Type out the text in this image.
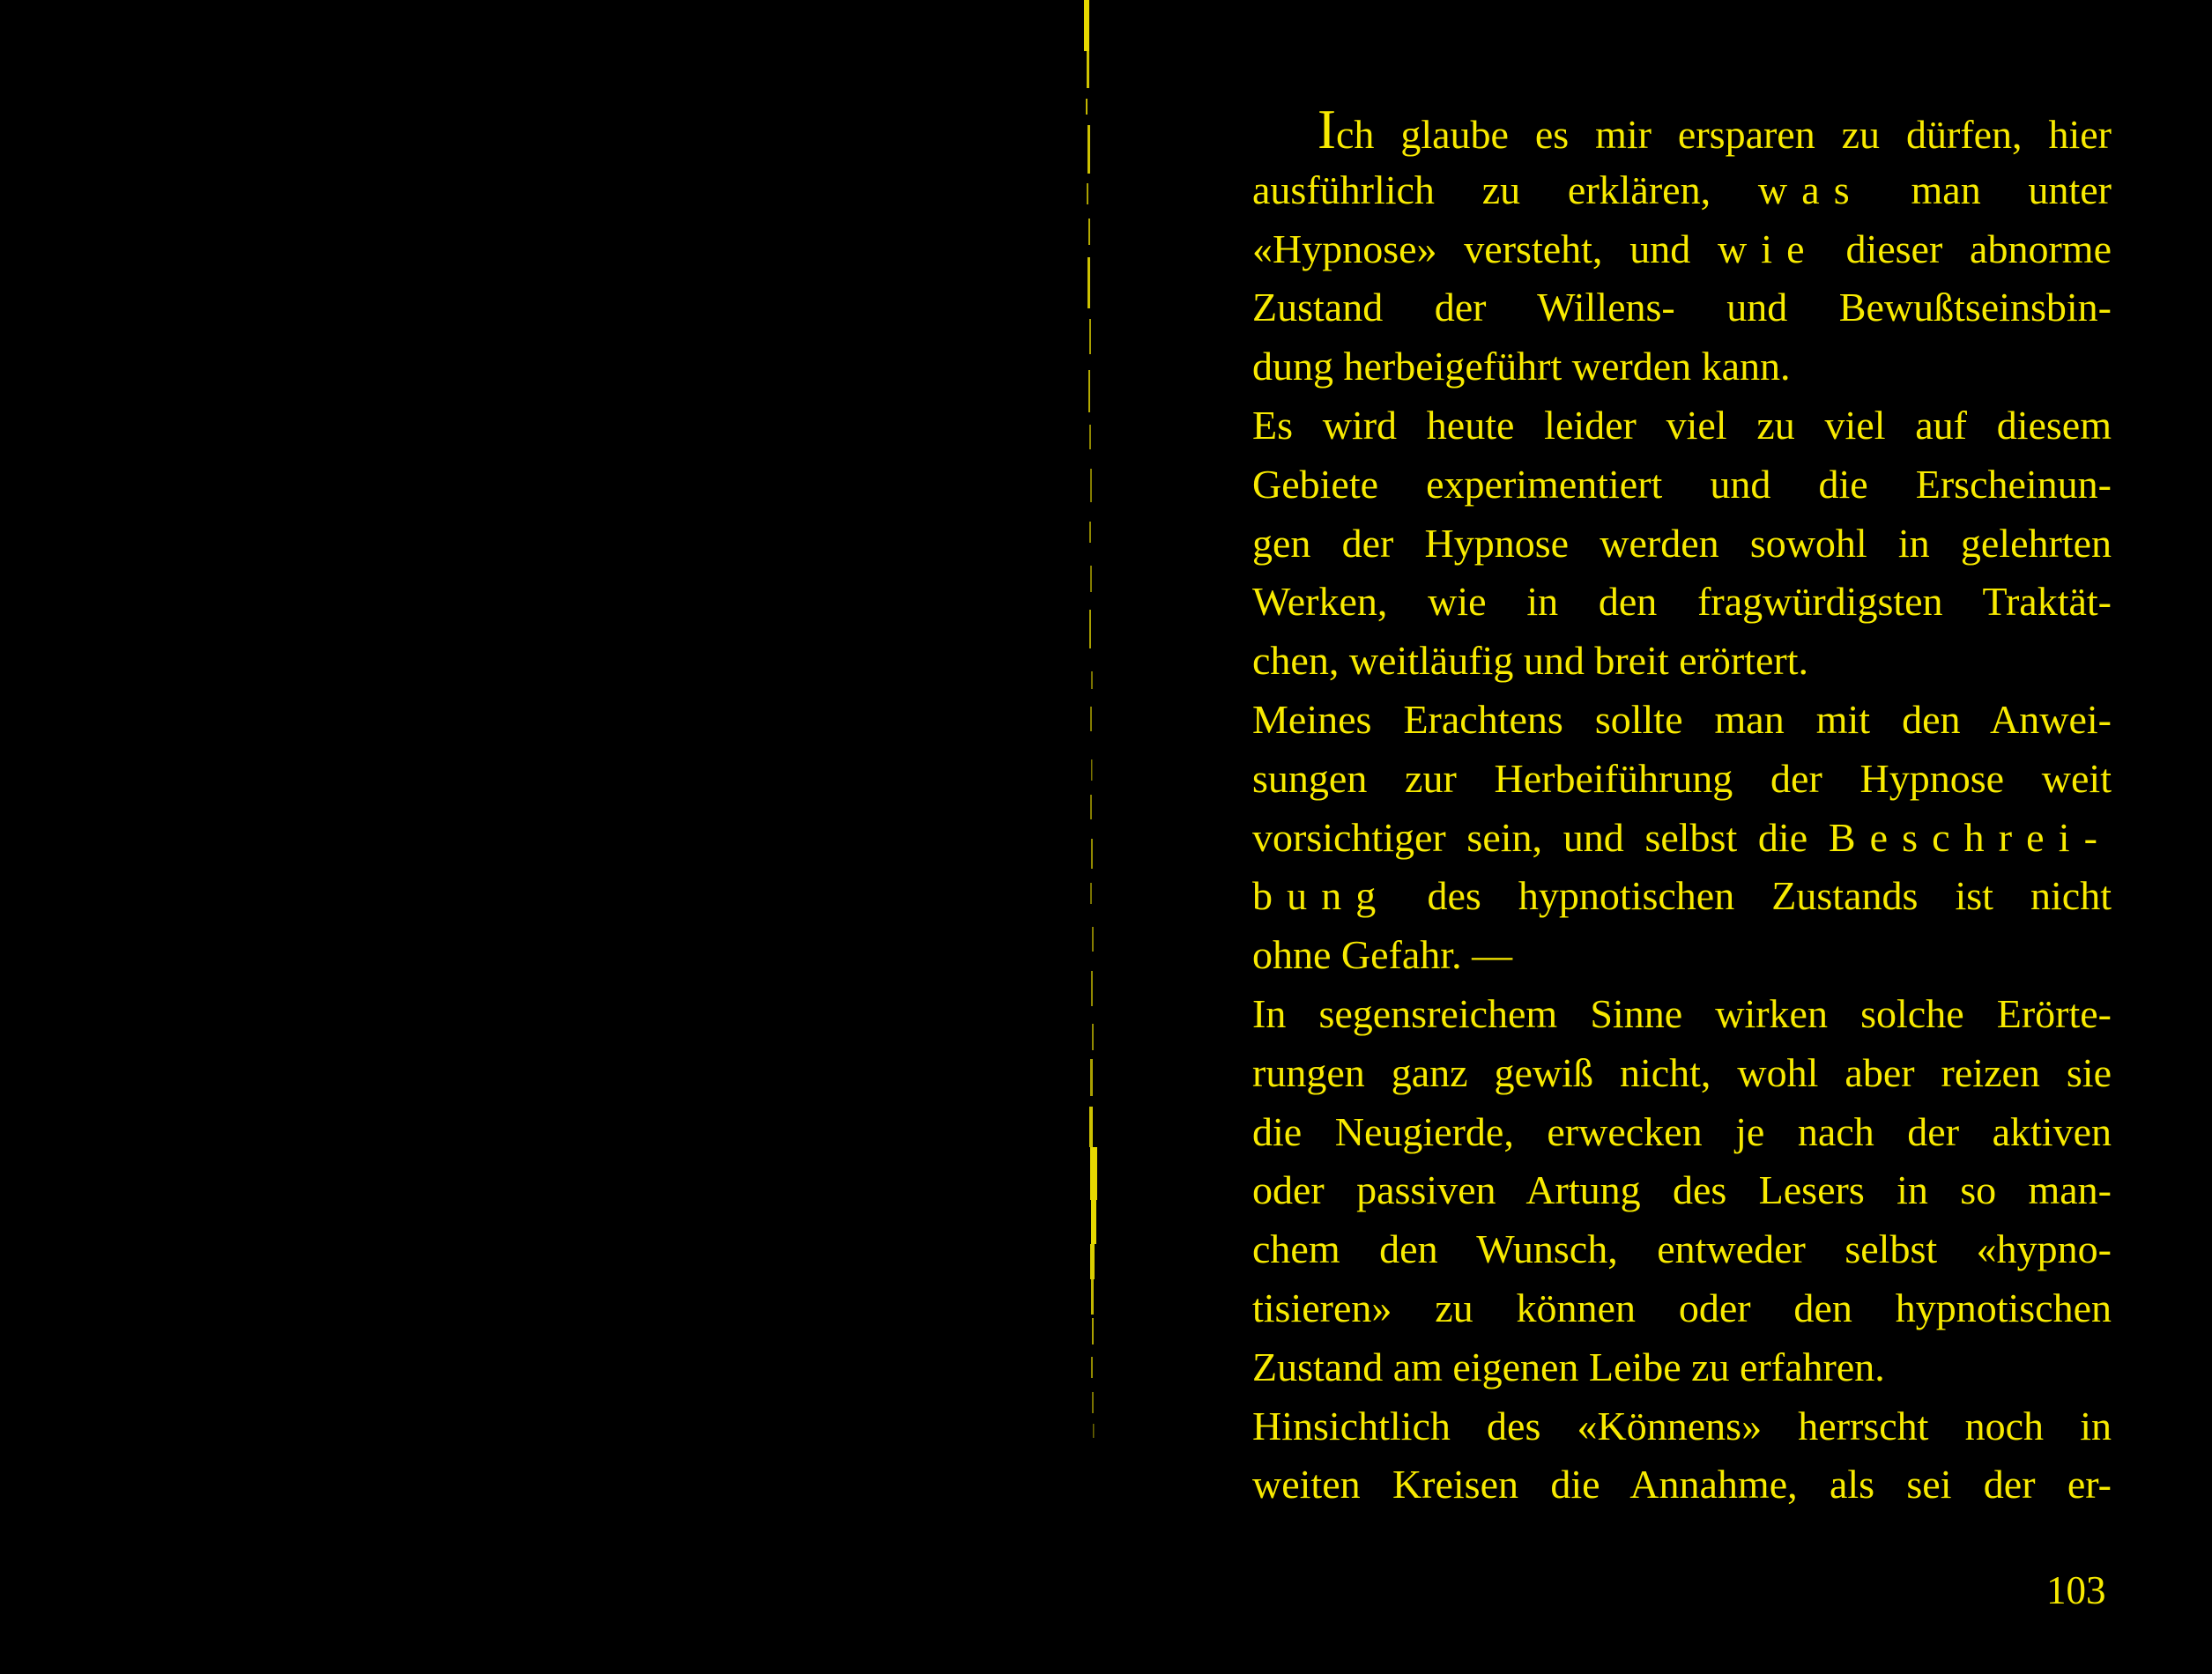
Ich glaube es mir ersparen zu dürfen, hier
ausführlich zu erklären, was man unter
«Hypnose» versteht, und wie dieser abnorme
Zustand der Willens- und Bewußtseinsbin-
dung herbeigeführt werden kann.
Es wird heute leider viel zu viel auf diesem
Gebiete experimentiert und die Erscheinun-
gen der Hypnose werden sowohl in gelehrten
Werken, wie in den fragwürdigsten Traktät-
chen, weitläufig und breit erörtert.
Meines Erachtens sollte man mit den Anwei-
sungen zur Herbeiführung der Hypnose weit
vorsichtiger sein, und selbst die Beschrei-
bung des hypnotischen Zustands ist nicht
ohne Gefahr. —
In segensreichem Sinne wirken solche Erörte-
rungen ganz gewiß nicht, wohl aber reizen sie
die Neugierde, erwecken je nach der aktiven
oder passiven Artung des Lesers in so man-
chem den Wunsch, entweder selbst «hypno-
tisieren» zu können oder den hypnotischen
Zustand am eigenen Leibe zu erfahren.
Hinsichtlich des «Könnens» herrscht noch in
weiten Kreisen die Annahme, als sei der er-
103
